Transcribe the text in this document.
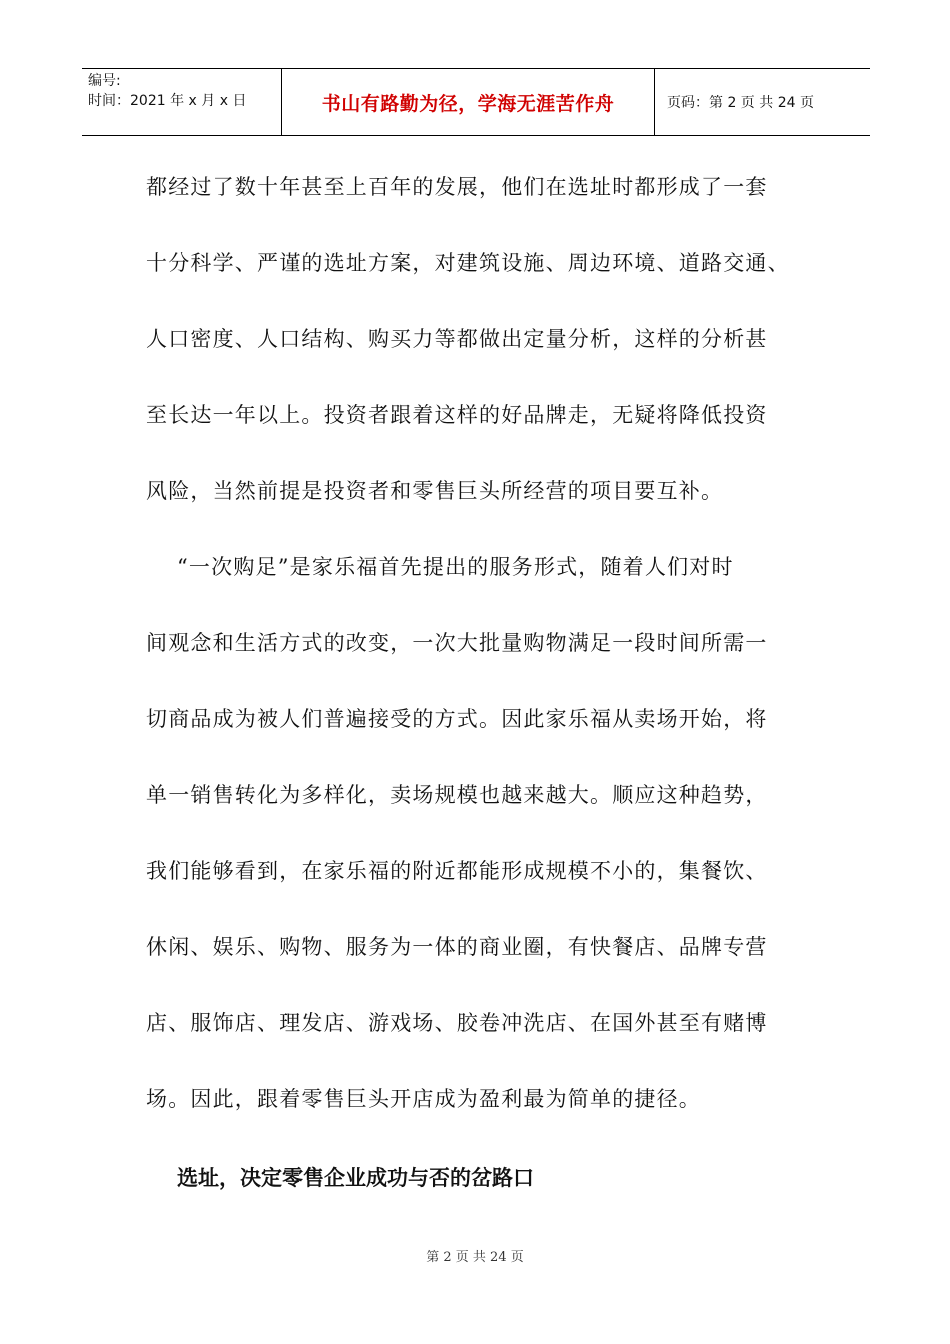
编号:
时间：2021 年 x 月 x 日	书山有路勤为径，学海无涯苦作舟	页码：第 2 页 共 24 页
都经过了数十年甚至上百年的发展，他们在选址时都形成了一套
十分科学、严谨的选址方案，对建筑设施、周边环境、道路交通、
人口密度、人口结构、购买力等都做出定量分析，这样的分析甚
至长达一年以上。投资者跟着这样的好品牌走，无疑将降低投资
风险，当然前提是投资者和零售巨头所经营的项目要互补。
“一次购足”是家乐福首先提出的服务形式，随着人们对时
间观念和生活方式的改变，一次大批量购物满足一段时间所需一
切商品成为被人们普遍接受的方式。因此家乐福从卖场开始，将
单一销售转化为多样化，卖场规模也越来越大。顺应这种趋势，
我们能够看到，在家乐福的附近都能形成规模不小的，集餐饮、
休闲、娱乐、购物、服务为一体的商业圈，有快餐店、品牌专营
店、服饰店、理发店、游戏场、胶卷冲洗店、在国外甚至有赌博
场。因此，跟着零售巨头开店成为盈利最为简单的捷径。
选址，决定零售企业成功与否的岔路口
第 2 页 共 24 页
